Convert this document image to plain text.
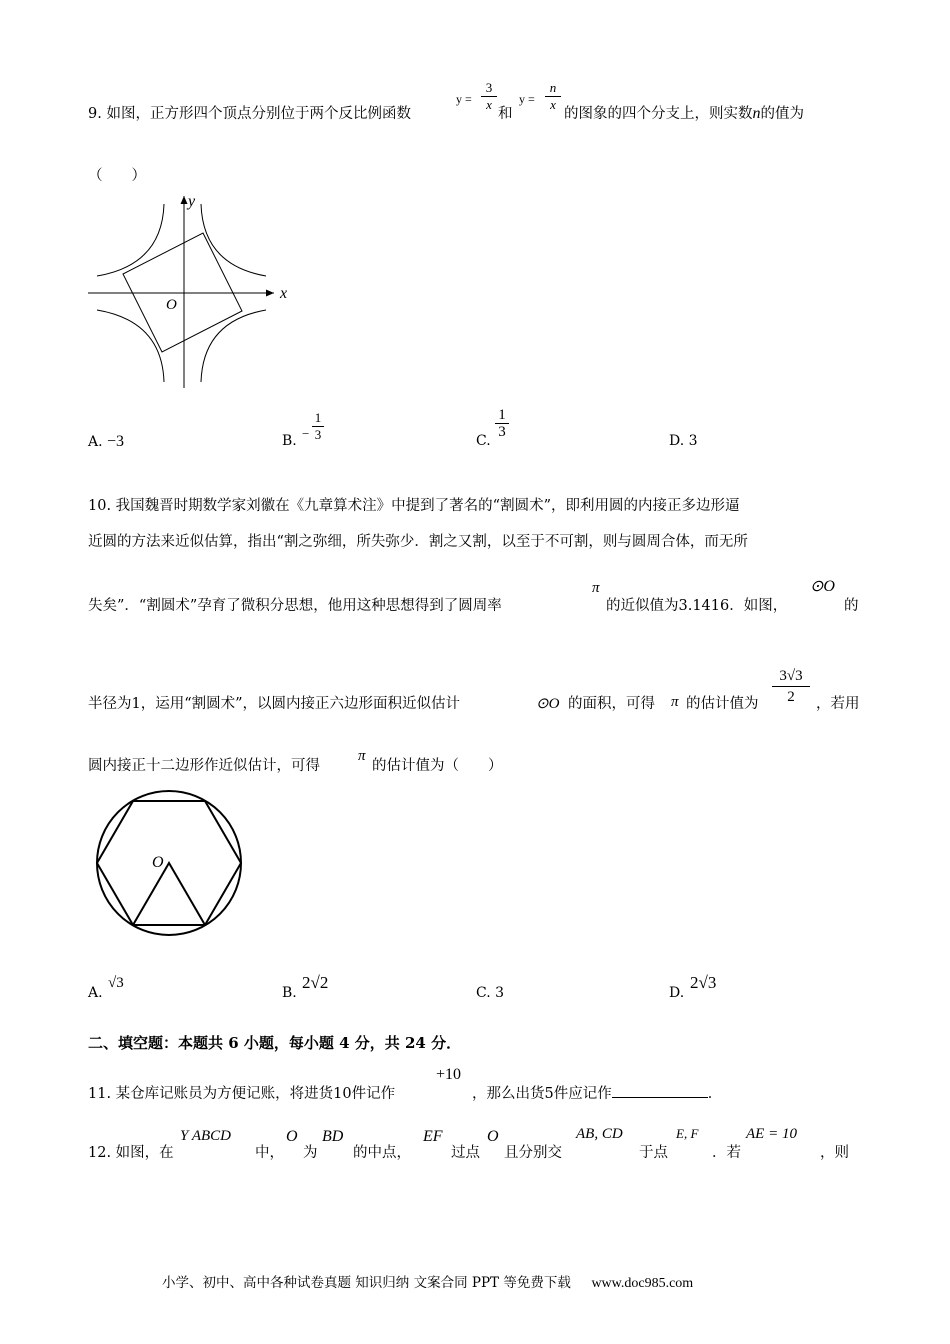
9. 如图，正方形四个顶点分别位于两个反比例函数
y =
3
x
和
y =
n
x
的图象的四个分支上，则实数n的值为
（　　）
x
y
O
A. −3	B. −
1
3	C.
1
3
D. 3
10. 我国魏晋时期数学家刘徽在《九章算术注》中提到了著名的“割圆术”，即利用圆的内接正多边形逼
近圆的方法来近似估算，指出“割之弥细，所失弥少．割之又割，以至于不可割，则与圆周合体，而无所
失矣”．“割圆术”孕育了微积分思想，他用这种思想得到了圆周率
π
的近似值为3.1416．如图，
⊙O
的
半径为1，运用“割圆术”，以圆内接正六边形面积近似估计	⊙O 的面积，可得 π 的估计值为
3√3
2	，若用
圆内接正十二边形作近似估计，可得
π
的估计值为（　　）
O
A.
√3
B.
2√2
C. 3	D.
2√3
二、填空题：本题共 6 小题，每小题 4 分，共 24 分．
11. 某仓库记账员为方便记账，将进货10件记作
+10
，那么出货5件应记作	．
12. 如图，在
Y ABCD
中，
O
为
BD
的中点，
EF
过点
O
且分别交
AB, CD
于点
E, F
．若
AE = 10
，则
小学、初中、高中各种试卷真题 知识归纳 文案合同 PPT 等免费下载 www.doc985.com
